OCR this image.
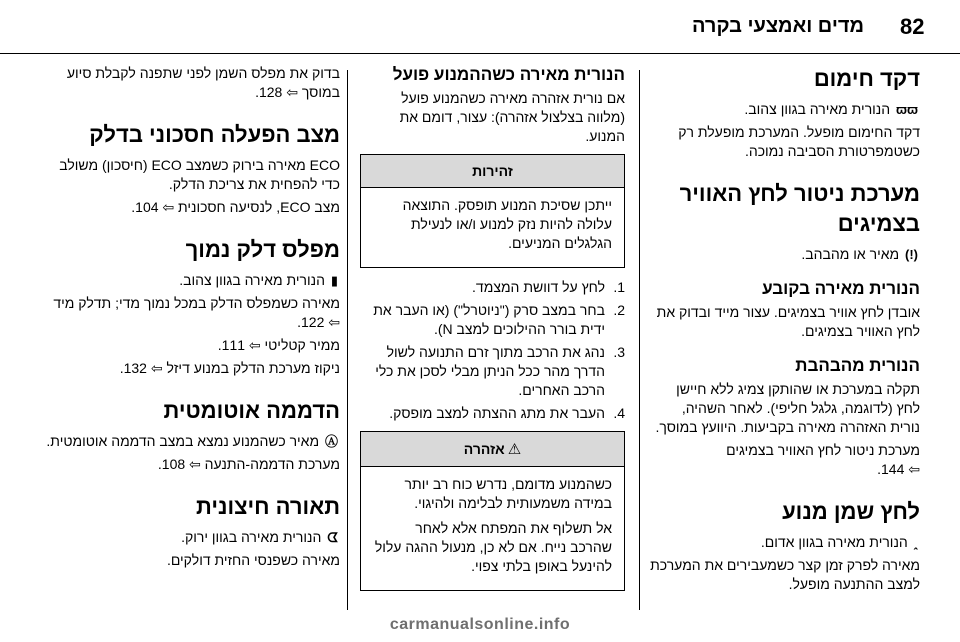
82
מדים ואמצעי בקרה
דקד חימום

ϖϖ הנורית מאירה בגוון צהוב.

דקד החימום מופעל. המערכת מופעלת רק כשטמפרטורת הסביבה נמוכה.

מערכת ניטור לחץ האוויר בצמיגים

(!) מאיר או מהבהב.

הנורית מאירה בקובע

אובדן לחץ אוויר בצמיגים. עצור מייד ובדוק את לחץ האוויר בצמיגים.

הנורית מהבהבת

תקלה במערכת או שהותקן צמיג ללא חיישן לחץ (לדוגמה, גלגל חליפי). לאחר השהיה, נורית האזהרה מאירה בקביעות. היוועץ במוסך.

מערכת ניטור לחץ האוויר בצמיגים
⇦ 144.

לחץ שמן מנוע

ꞈ הנורית מאירה בגוון אדום.

מאירה לפרק זמן קצר כשמעבירים את המערכת למצב ההתנעה מופעל.

הנורית מאירה כשההמנוע פועל

אם נורית אזהרה מאירה כשהמנוע פועל (מלווה בצלצול אזהרה): עצור, דומם את המנוע.

זהירות

ייתכן שסיכת המנוע תופסק. התוצאה עלולה להיות נזק למנוע ו/או לנעילת הגלגלים המניעים.

1.
לחץ על דוושת המצמד.
2.
בחר במצב סרק ("ניוטרל") (או העבר את ידית בורר ההילוכים למצב N).
3.
נהג את הרכב מתוך זרם התנועה לשול הדרך מהר ככל הניתן מבלי לסכן את כלי הרכב האחרים.
4.
העבר את מתג ההצתה למצב מופסק.
⚠אזהרה

כשהמנוע מדומם, נדרש כוח רב יותר במידה משמעותית לבלימה ולהיגוי.

אל תשלוף את המפתח אלא לאחר שהרכב נייח. אם לא כן, מנעול ההגה עלול להינעל באופן בלתי צפוי.

בדוק את מפלס השמן לפני שתפנה לקבלת סיוע במוסך ⇦ 128.

מצב הפעלה חסכוני בדלק

ECO מאירה בירוק כשמצב ECO (חיסכון) משולב כדי להפחית את צריכת הדלק.

מצב ECO, לנסיעה חסכונית ⇦ 104.

מפלס דלק נמוך

▮ הנורית מאירה בגוון צהוב.

מאירה כשמפלס הדלק במכל נמוך מדי; תדלק מיד ⇦ 122.

ממיר קטליטי ⇦ 111.

ניקוז מערכת הדלק במנוע דיזל ⇦ 132.

הדממה אוטומטית

Ⓐ מאיר כשהמנוע נמצא במצב הדממה אוטומטית.

מערכת הדממה-התנעה ⇦ 108.

תאורה חיצונית

ᗧ הנורית מאירה בגוון ירוק.

מאירה כשפנסי החזית דולקים.

carmanualsonline.info
